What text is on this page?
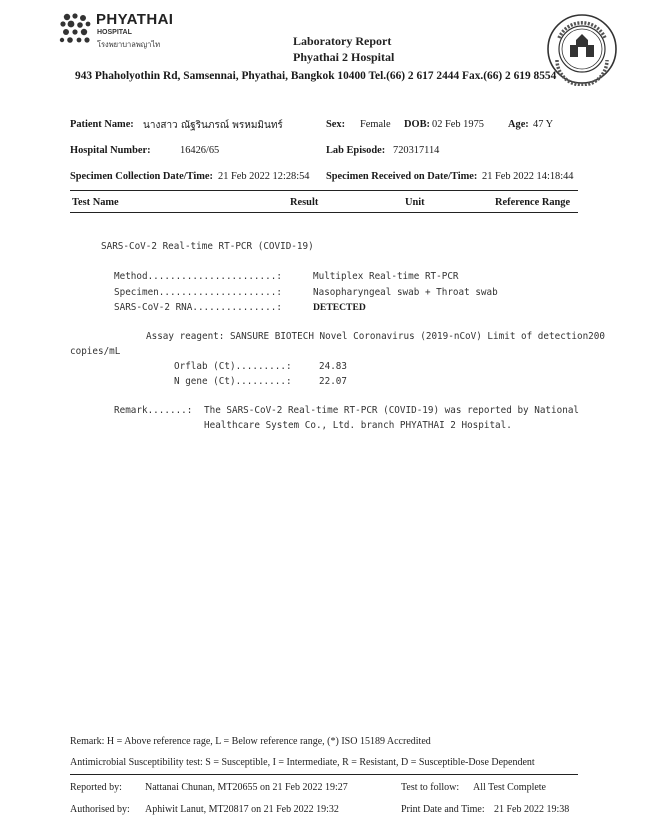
PHYATHAI
HOSPITAL
โรงพยาบาลพญาไท	Laboratory Report
Phyathai 2 Hospital
943 Phaholyothin Rd, Samsennai, Phyathai, Bangkok 10400 Tel.(66) 2 617 2444 Fax.(66) 2 619 8554
Patient Name: นางสาว ณัฐรินภรณ์ พรหมมินทร์	Sex: Female DOB: 02 Feb 1975 Age: 47 Y
Hospital Number:	16426/65	Lab Episode: 720317114
Specimen Collection Date/Time: 21 Feb 2022 12:28:54 Specimen Received on Date/Time: 21 Feb 2022 14:18:44
Test Name	Result	Unit	Reference Range
SARS-CoV-2 Real-time RT-PCR (COVID-19)
Method.......................:	Multiplex Real-time RT-PCR
Specimen.....................:	Nasopharyngeal swab + Throat swab
SARS-CoV-2 RNA...............:	DETECTED
Assay reagent: SANSURE BIOTECH Novel Coronavirus (2019-nCoV) Limit of detection200
copies/mL
Orflab (Ct).........:	24.83
N gene (Ct).........:	22.07
Remark.......: The SARS-CoV-2 Real-time RT-PCR (COVID-19) was reported by National
Healthcare System Co., Ltd. branch PHYATHAI 2 Hospital.
Remark: H = Above reference rage, L = Below reference range, (*) ISO 15189 Accredited
Antimicrobial Susceptibility test: S = Susceptible, I = Intermediate, R = Resistant, D = Susceptible-Dose Dependent
Reported by: Nattanai Chunan, MT20655 on 21 Feb 2022 19:27	Test to follow: All Test Complete
Authorised by: Aphiwit Lanut, MT20817 on 21 Feb 2022 19:32	Print Date and Time: 21 Feb 2022 19:38
